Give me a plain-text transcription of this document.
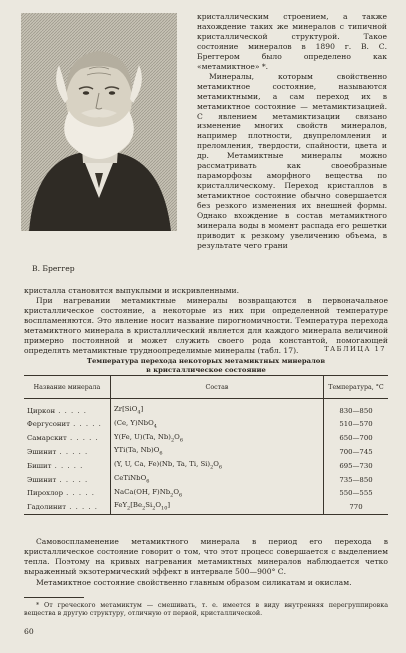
В. Бреггер

кристаллическим строением, а также нахождение таких же минералов с типичной кристаллической структурой. Такое состояние минералов в 1890 г. В. С. Бреггером было определено как «метамиктное» *.

Минералы, которым свойственно метамиктное состояние, называются метамиктными, а сам переход их в метамиктное состояние — метамиктизацией. С явлением метамиктизации связано изменение многих свойств минералов, например плотности, двупреломления и преломления, твердости, спайности, цвета и др. Метамиктные минералы можно рассматривать как своеобразные параморфозы аморфного вещества по кристаллическому. Переход кристаллов в метамиктное состояние обычно совершается без резкого изменения их внешней формы. Однако вхождение в состав метамиктного минерала воды в момент распада его решетки приводит к резкому увеличению объема, в результате чего грани

кристалла становятся выпуклыми и искривленными.
При нагревании метамиктные минералы возвращаются в первоначальное кристаллическое состояние, а некоторые из них при определенной температуре воспламеняются. Это явление носит название пирогномичности. Температура перехода метамиктного минерала в кристаллический является для каждого минерала величиной примерно постоянной и может служить своего рода константой, помогающей определять метамиктные трудноопределимые минералы (табл. 17).	ТАБЛИЦА 17
Температура перехода некоторых метамиктных минералов
в кристаллическое состояние
Название минерала	Состав	Температура, °C

Циркон . . . . .	Zr[SiO$_4$]	830—850
Фергусонит . . . . .	(Ce, Y)NbO$_4$	510—570
Самарскит . . . . .	Y(Fe, U)(Ta, $Nb)_2O_6$	650—700
Эшинит . . . . .	YTi(Ta, $Nb)O_6$	700—745
Бишит . . . . .	(Y, U, Ca, Fe)(Nb, Ta, Ti, $Si)_2O_6$	695—730
Эшинит . . . . .	CeTiNbO$_6$	735—850
Пирохлор . . . . .	NaCa(OH, $F)Nb_2O_6$	550—555
Гадолинит . . . . .	$FeY_2[Be_2Si_2O_{10}]$	770
Самовоспламенение метамиктного минерала в период его перехода в кристаллическое состояние говорит о том, что этот процесс совершается с выделением тепла. Поэтому на кривых нагревания метамиктных минералов наблюдается четко выраженный экзотермический эффект в интервале 500—900° С.
Метамиктное состояние свойственно главным образом силикатам и окислам.
* От греческого метамиктум — смешивать, т. е. имеется в виду внутренняя перегруппировка вещества в другую структуру, отличную от первой, кристаллической.
60
